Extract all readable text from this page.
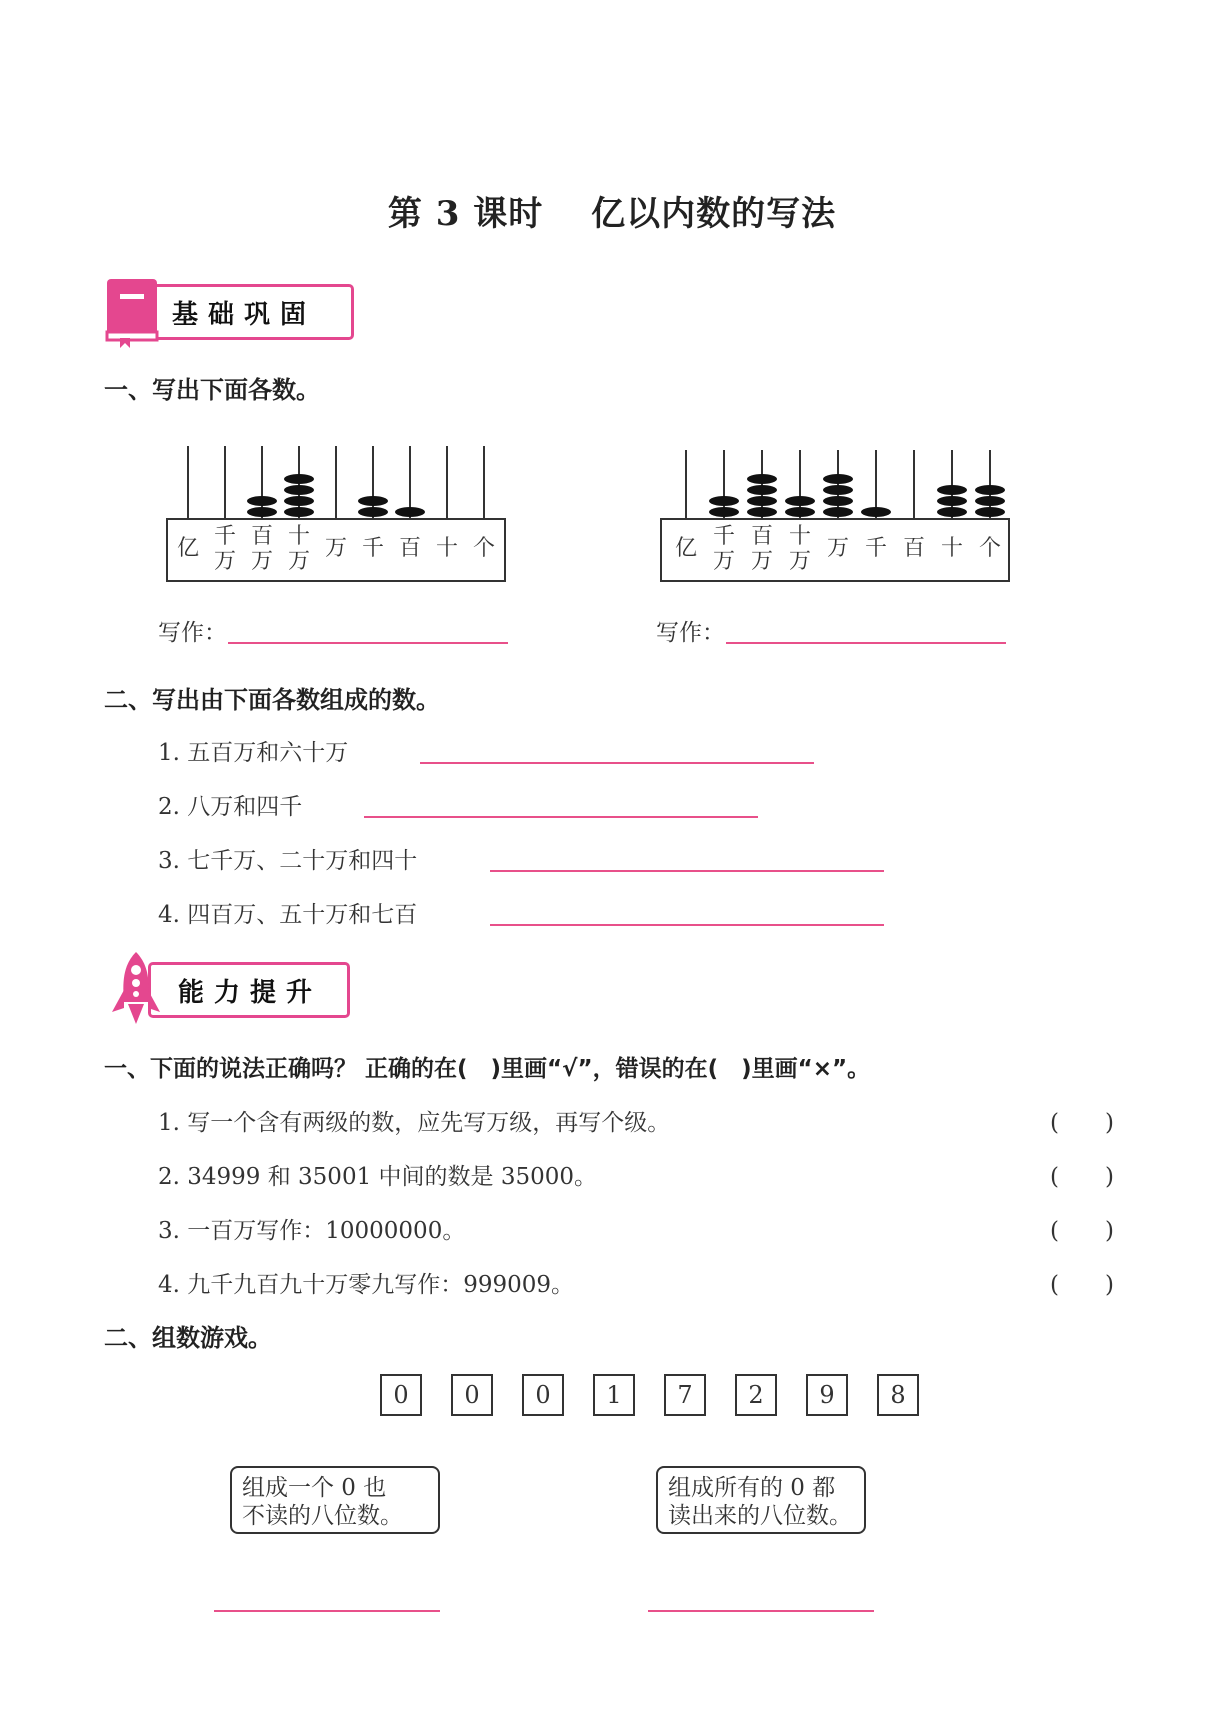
第 3 课时　 亿以内数的写法
基础巩固
一、写出下面各数。
亿 千
万
百
万
十
万
万 千 百 十 个	亿 千
万
百
万
十
万
万 千 百 十 个
写作：	写作：
二、写出由下面各数组成的数。
1. 五百万和六十万
2. 八万和四千
3. 七千万、二十万和四十
4. 四百万、五十万和七百
能力提升
一、下面的说法正确吗？ 正确的在(　)里画“√”，错误的在(　)里画“×”。
1. 写一个含有两级的数，应先写万级，再写个级。	(　　)
2. 34999 和 35001 中间的数是 35000。	(　　)
3. 一百万写作：10000000。	(　　)
4. 九千九百九十万零九写作：999009。	(　　)
二、组数游戏。
0	0	0	1	7	2	9	8
组成一个 0 也
不读的八位数。
组成所有的 0 都
读出来的八位数。
